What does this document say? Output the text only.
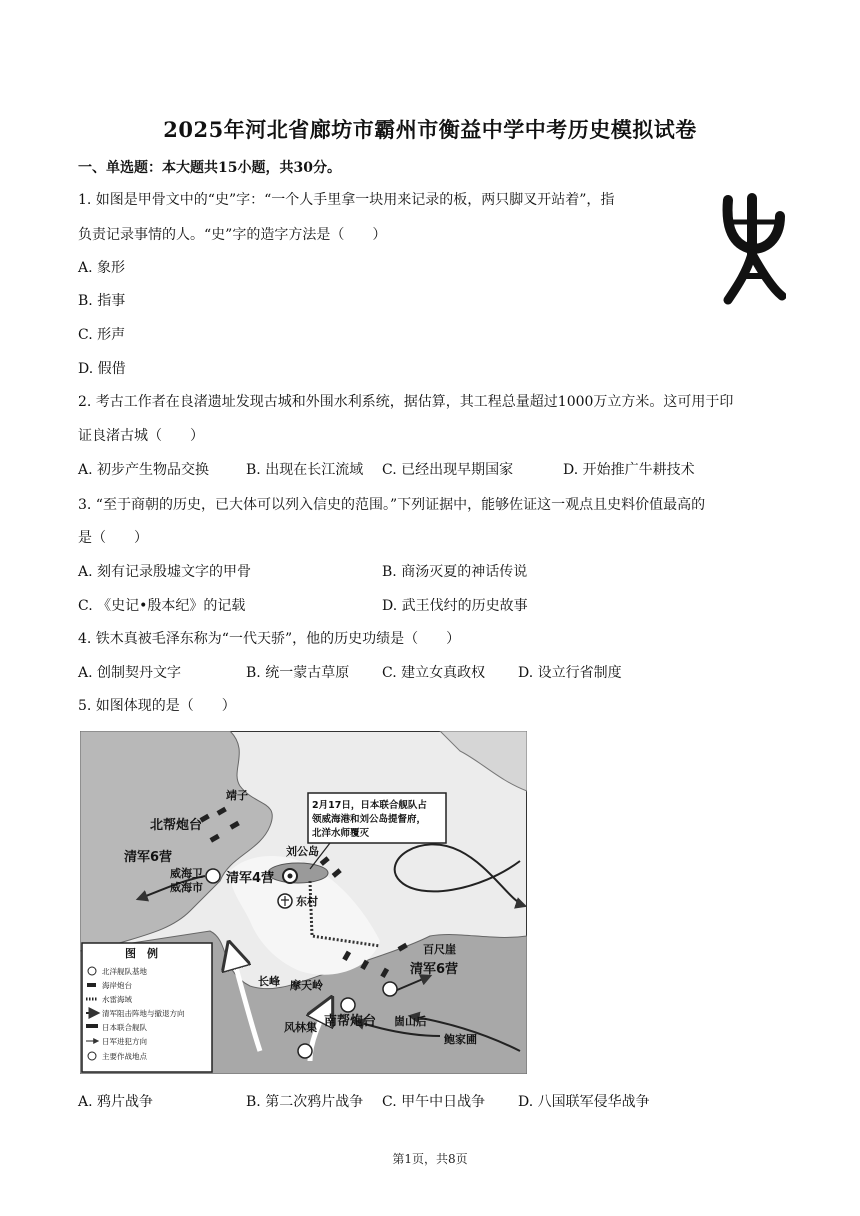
2025年河北省廊坊市霸州市衡益中学中考历史模拟试卷
一、单选题：本大题共15小题，共30分。
1. 如图是甲骨文中的“史”字：“一个人手里拿一块用来记录的板，两只脚叉开站着”，指
负责记录事情的人。“史”字的造字方法是（　　）
A. 象形
B. 指事
C. 形声
D. 假借
2. 考古工作者在良渚遗址发现古城和外围水利系统，据估算，其工程总量超过1000万立方米。这可用于印
证良渚古城（　　）
A. 初步产生物品交换	B. 出现在长江流域 C. 已经出现早期国家	D. 开始推广牛耕技术
3. “至于商朝的历史，已大体可以列入信史的范围。”下列证据中，能够佐证这一观点且史料价值最高的
是（　　）
A. 刻有记录殷墟文字的甲骨	B. 商汤灭夏的神话传说
C. 《史记•殷本纪》的记载	D. 武王伐纣的历史故事
4. 铁木真被毛泽东称为“一代天骄”，他的历史功绩是（　　）
A. 创制契丹文字	B. 统一蒙古草原 C. 建立女真政权 D. 设立行省制度
5. 如图体现的是（　　）
靖子
北帮炮台
清军6营
威海卫
威海市
清军4营
刘公岛
东村
百尺崖
清军6营
长峰 摩天岭
南帮炮台
风林集	崮山后
鲍家圃
2月17日，日本联合舰队占
领威海港和刘公岛提督府，
北洋水师覆灭
图　例
北洋舰队基地
海岸炮台
水雷海域
清军阻击阵地与撤退方向
日本联合舰队
日军进犯方向
主要作战地点
A. 鸦片战争	B. 第二次鸦片战争 C. 甲午中日战争 D. 八国联军侵华战争
第1页，共8页
